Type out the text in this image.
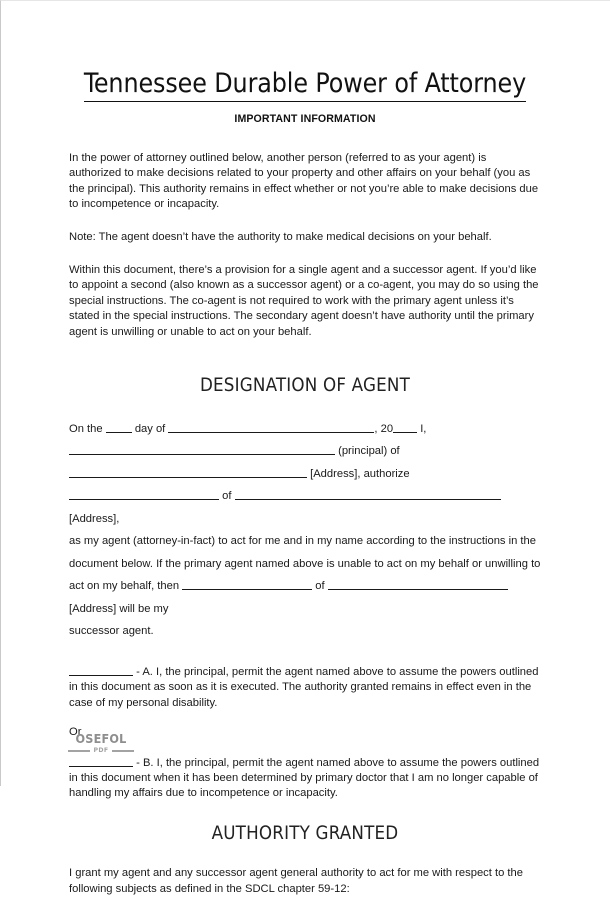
Tennessee Durable Power of Attorney
IMPORTANT INFORMATION

In the power of attorney outlined below, another person (referred to as your agent) is authorized to make decisions related to your property and other affairs on your behalf (you as the principal). This authority remains in effect whether or not you’re able to make decisions due to incompetence or incapacity.

Note: The agent doesn’t have the authority to make medical decisions on your behalf.

Within this document, there’s a provision for a single agent and a successor agent. If you’d like to appoint a second (also known as a successor agent) or a co-agent, you may do so using the special instructions. The co-agent is not required to work with the primary agent unless it’s stated in the special instructions. The secondary agent doesn’t have authority until the primary agent is unwilling or unable to act on your behalf.

DESIGNATION OF AGENT

On the	day of	, 20 I,  (principal) of

[Address], authorize

of  [Address],

as my agent (attorney-in-fact) to act for me and in my name according to the instructions in the

document below. If the primary agent named above is unable to act on my behalf or unwilling to

act on my behalf, then	of  [Address] will be my

successor agent.

- A. I, the principal, permit the agent named above to assume the powers outlined in this document as soon as it is executed. The authority granted remains in effect even in the case of my personal disability.

Or

- B. I, the principal, permit the agent named above to assume the powers outlined in this document when it has been determined by primary doctor that I am no longer capable of handling my affairs due to incompetence or incapacity.

AUTHORITY GRANTED

I grant my agent and any successor agent general authority to act for me with respect to the following subjects as defined in the SDCL chapter 59-12:

OSEFOL
PDF
